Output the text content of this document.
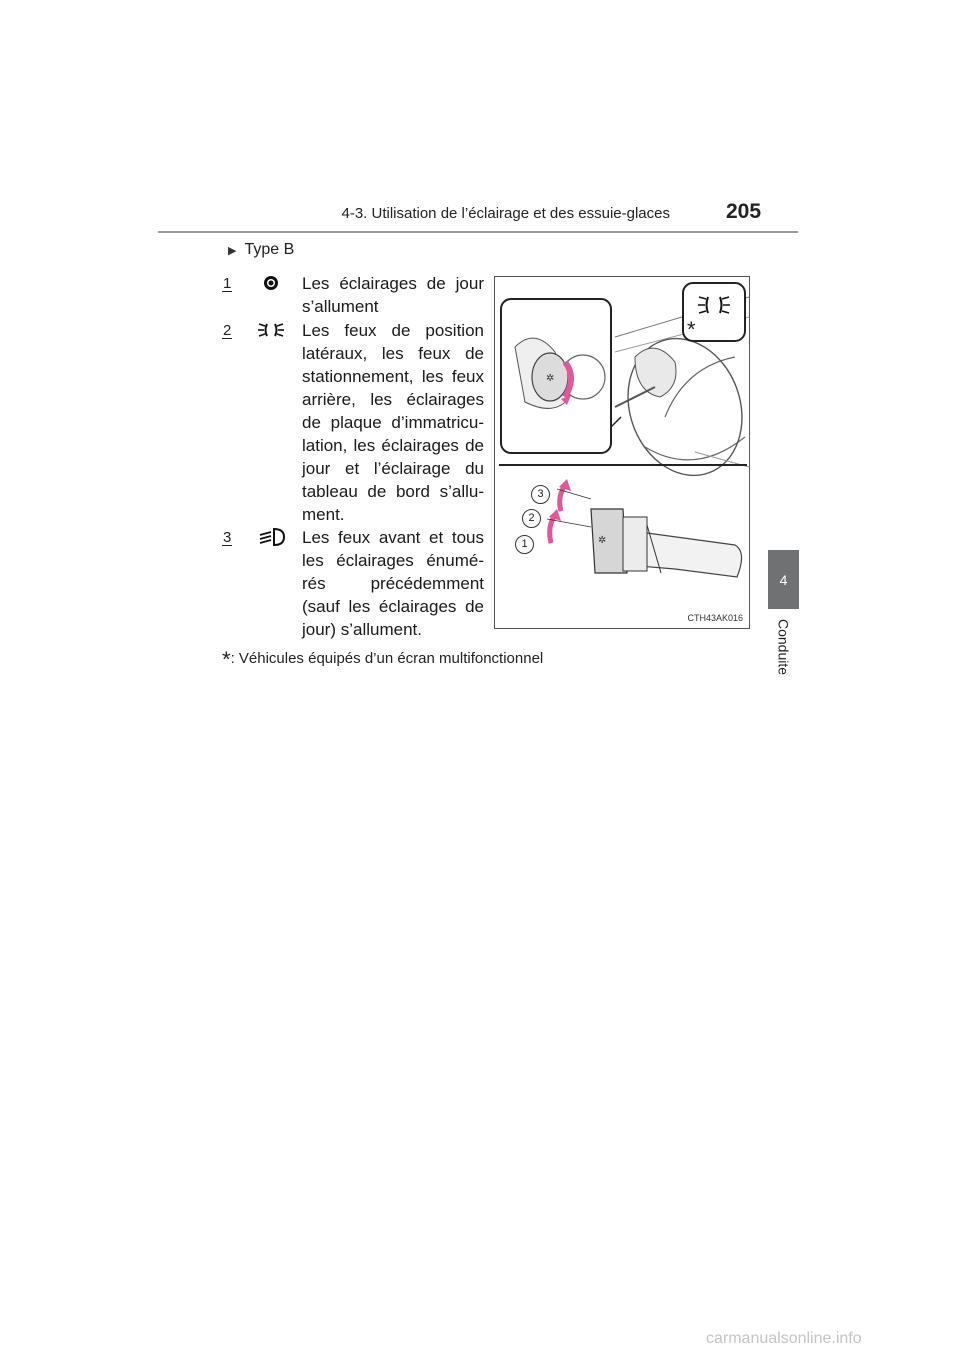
4-3. Utilisation de l’éclairage et des essuie-glaces	205
4
Conduite
▶ Type B
1	Les éclairages de jour s’allument
2	Les feux de position latéraux, les feux de stationnement, les feux arrière, les éclairages de plaque d’immatricu-lation, les éclairages de jour et l’éclairage du tableau de bord s’allu-ment.
3	Les feux avant et tous les éclairages énumé-rés précédemment (sauf les éclairages de jour) s’allument.
✲
✲
*
3
2
1
CTH43AK016
*: Véhicules équipés d’un écran multifonctionnel
carmanualsonline.info
